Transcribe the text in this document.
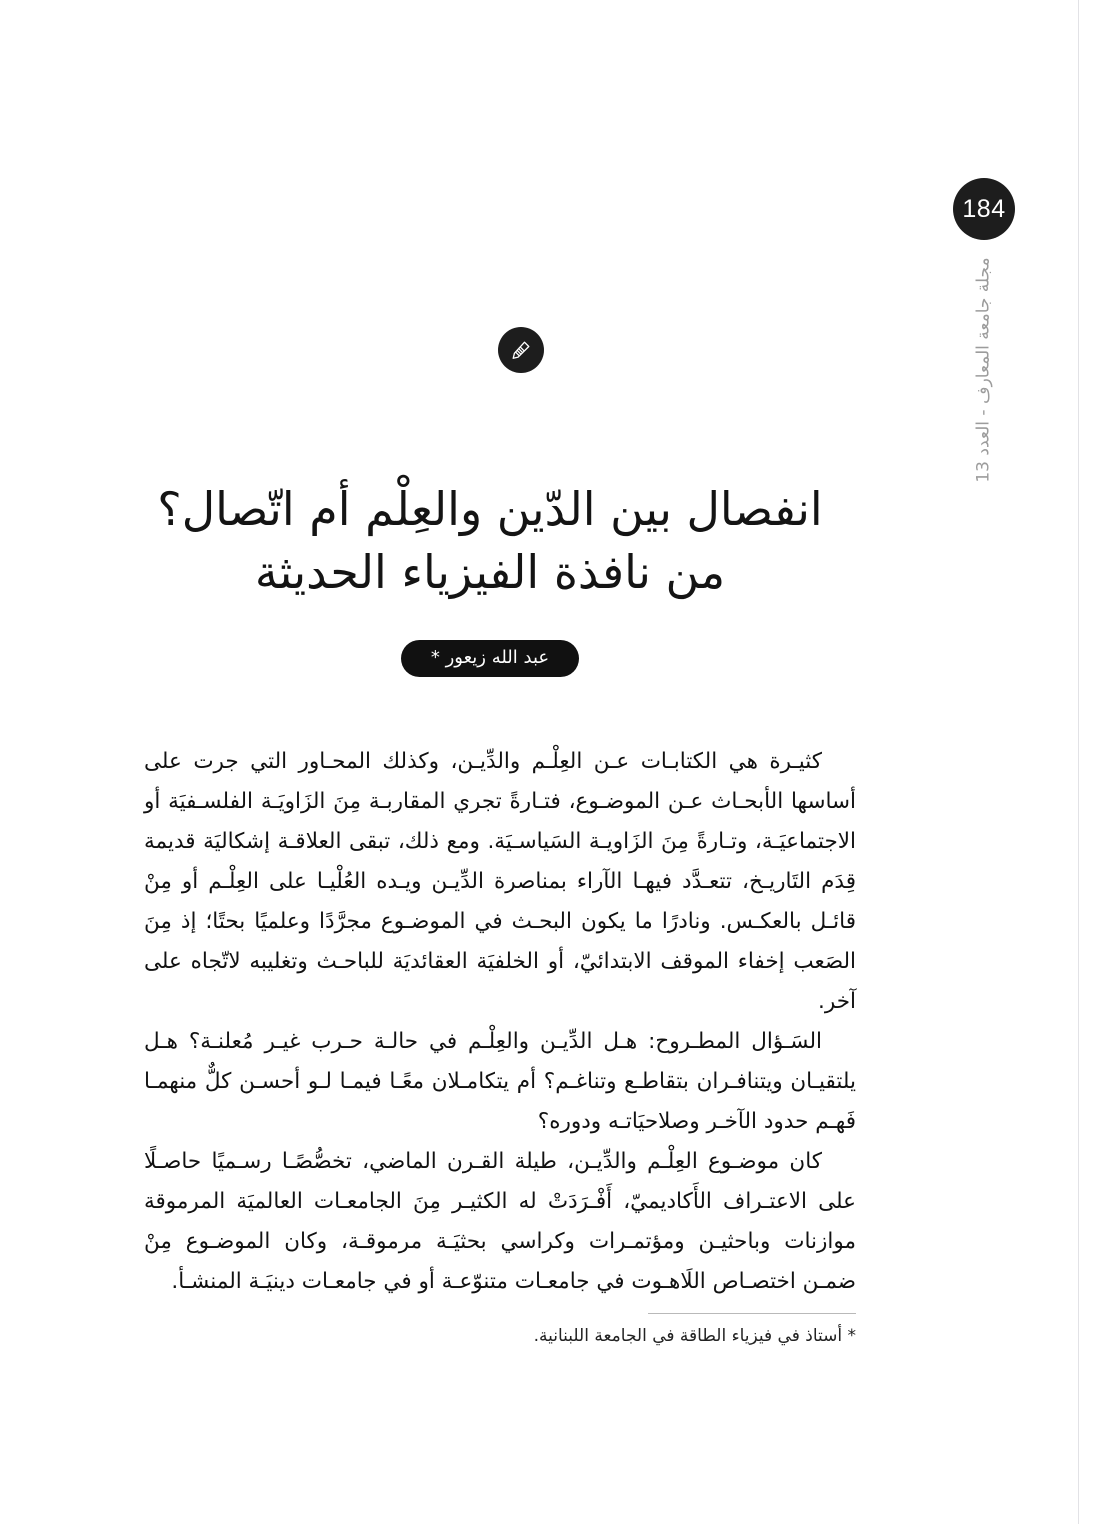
184
مجلة جامعة المعارف - العدد 13
انفصال بين الدّين والعِلْم أم اتّصال؟
من نافذة الفيزياء الحديثة
عبد الله زيعور *

كثيـرة هي الكتابـات عـن العِلْـم والدِّيـن، وكذلك المحـاور التي جرت على أساسها الأبحـاث عـن الموضـوع، فتـارةً تجري المقاربـة مِنَ الزَاويَـة الفلسـفيَة أو الاجتماعيَـة، وتـارةً مِنَ الزَاويـة السَياسـيَة. ومع ذلك، تبقى العلاقـة إشكاليَة قديمة قِدَم التَاريـخ، تتعـدَّد فيهـا الآراء بمناصرة الدِّيـن ويـده العُلْيـا على العِلْـم أو مِنْ قائـل بالعكـس. ونادرًا ما يكون البحـث في الموضـوع مجرَّدًا وعلميًا بحتًا؛ إذ مِنَ الصَعب إخفاء الموقف الابتدائيّ، أو الخلفيَة العقائديَة للباحـث وتغليبه لاتّجاه على آخر.

السَـؤال المطـروح: هـل الدِّيـن والعِلْـم في حالـة حـرب غيـر مُعلنـة؟ هـل يلتقيـان ويتنافـران بتقاطـع وتناغـم؟ أم يتكامـلان معًـا فيمـا لـو أحسـن كلٌّ منهمـا فَهـم حدود الآخـر وصلاحيَاتـه ودوره؟

كان موضـوع العِلْـم والدِّيـن، طيلة القـرن الماضي، تخصُّصًـا رسـميًا حاصـلًا على الاعتـراف الأَكاديميّ، أَفْـرَدَتْ له الكثيـر مِنَ الجامعـات العالميَة المرموقة موازنات وباحثيـن ومؤتمـرات وكراسي بحثيَـة مرموقـة، وكان الموضـوع مِنْ ضمـن اختصـاص اللَاهـوت في جامعـات متنوّعـة أو في جامعـات دينيَـة المنشـأ.

* أستاذ في فيزياء الطاقة في الجامعة اللبنانية.
